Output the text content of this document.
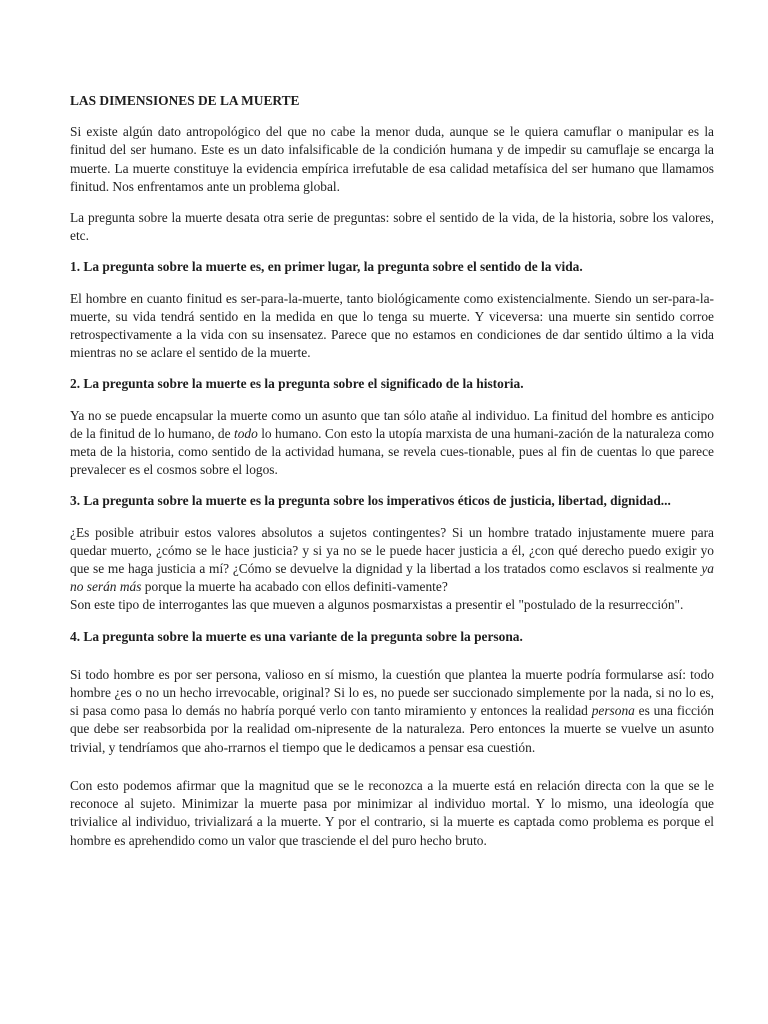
LAS DIMENSIONES DE LA MUERTE

Si existe algún dato antropológico del que no cabe la menor duda, aunque se le quiera camuflar o manipular es la finitud del ser humano. Este es un dato infalsificable de la condición humana y de impedir su camuflaje se encarga la muerte. La muerte constituye la evidencia empírica irrefutable de esa calidad metafísica del ser humano que llamamos finitud. Nos enfrentamos ante un problema global.

La pregunta sobre la muerte desata otra serie de preguntas: sobre el sentido de la vida, de la historia, sobre los valores, etc.

1. La pregunta sobre la muerte es, en primer lugar, la pregunta sobre el sentido de la vida.

El hombre en cuanto finitud es ser-para-la-muerte, tanto biológicamente como existencialmente. Siendo un ser-para-la-muerte, su vida tendrá sentido en la medida en que lo tenga su muerte. Y viceversa: una muerte sin sentido corroe retrospectivamente a la vida con su insensatez. Parece que no estamos en condiciones de dar sentido último a la vida mientras no se aclare el sentido de la muerte.

2. La pregunta sobre la muerte es la pregunta sobre el significado de la historia.

Ya no se puede encapsular la muerte como un asunto que tan sólo atañe al individuo. La finitud del hombre es anticipo de la finitud de lo humano, de todo lo humano. Con esto la utopía marxista de una humani-zación de la naturaleza como meta de la historia, como sentido de la actividad humana, se revela cues-tionable, pues al fin de cuentas lo que parece prevalecer es el cosmos sobre el logos.

3. La pregunta sobre la muerte es la pregunta sobre los imperativos éticos de justicia, libertad, dignidad...

¿Es posible atribuir estos valores absolutos a sujetos contingentes? Si un hombre tratado injustamente muere para quedar muerto, ¿cómo se le hace justicia? y si ya no se le puede hacer justicia a él, ¿con qué derecho puedo exigir yo que se me haga justicia a mí? ¿Cómo se devuelve la dignidad y la libertad a los tratados como esclavos si realmente ya no serán más porque la muerte ha acabado con ellos definiti-vamente?

Son este tipo de interrogantes las que mueven a algunos posmarxistas a presentir el "postulado de la resurrección".

4. La pregunta sobre la muerte es una variante de la pregunta sobre la persona.

Si todo hombre es por ser persona, valioso en sí mismo, la cuestión que plantea la muerte podría formularse así: todo hombre ¿es o no un hecho irrevocable, original? Si lo es, no puede ser succionado simplemente por la nada, si no lo es, si pasa como pasa lo demás no habría porqué verlo con tanto miramiento y entonces la realidad persona es una ficción que debe ser reabsorbida por la realidad om-nipresente de la naturaleza. Pero entonces la muerte se vuelve un asunto trivial, y tendríamos que aho-rrarnos el tiempo que le dedicamos a pensar esa cuestión.

Con esto podemos afirmar que la magnitud que se le reconozca a la muerte está en relación directa con la que se le reconoce al sujeto. Minimizar la muerte pasa por minimizar al individuo mortal. Y lo mismo, una ideología que trivialice al individuo, trivializará a la muerte. Y por el contrario, si la muerte es captada como problema es porque el hombre es aprehendido como un valor que trasciende el del puro hecho bruto.
